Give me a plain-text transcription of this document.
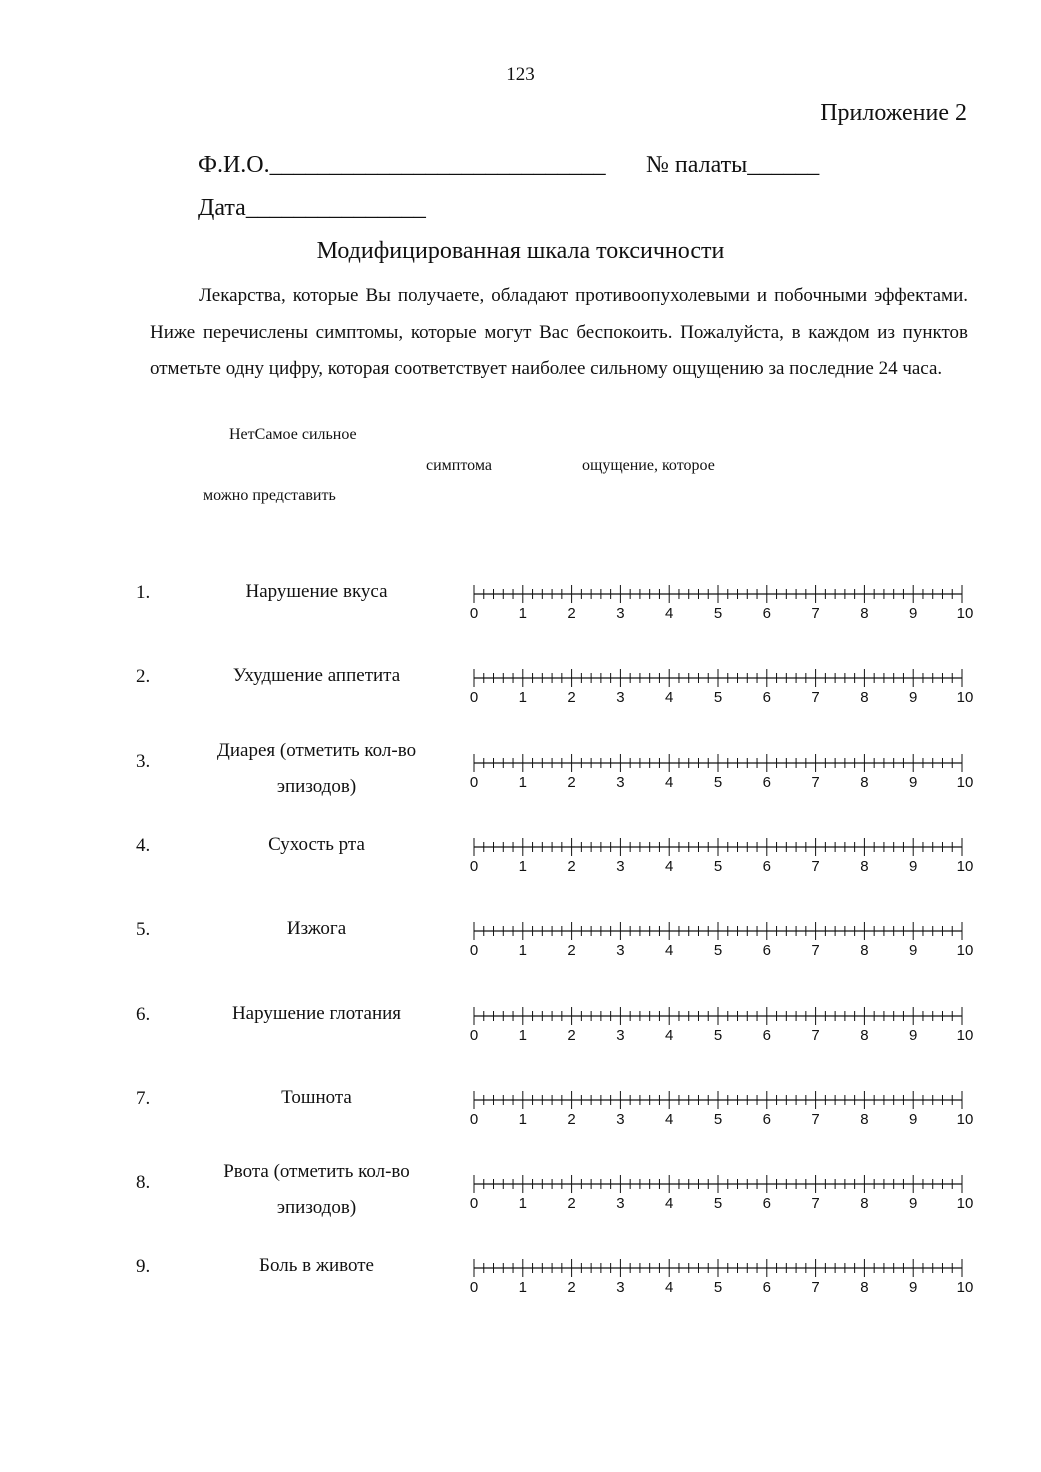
123
Приложение 2
Ф.И.О.____________________________ № палаты______
Дата_______________
Модифицированная шкала токсичности
Лекарства, которые Вы получаете, обладают противоопухолевыми и побочными эффектами. Ниже перечислены симптомы, которые могут Вас беспокоить. Пожалуйста, в каждом из пунктов отметьте одну цифру, которая соответствует наиболее сильному ощущению за последние 24 часа.
НетСамое сильное
симптома	ощущение, которое
можно представить
1.	Нарушение вкуса
0	1	2	3	4	5	6	7	8	9	10
2.	Ухудшение аппетита
0	1	2	3	4	5	6	7	8	9	10
3.
Диарея (отметить кол-во эпизодов)	0	1	2	3	4	5	6	7	8	9	10
4.	Сухость рта
0	1	2	3	4	5	6	7	8	9	10
5.	Изжога
0	1	2	3	4	5	6	7	8	9	10
6.	Нарушение глотания
0	1	2	3	4	5	6	7	8	9	10
7.	Тошнота
0	1	2	3	4	5	6	7	8	9	10
8.
Рвота (отметить кол-во эпизодов)	0	1	2	3	4	5	6	7	8	9	10
9.	Боль в животе
0	1	2	3	4	5	6	7	8	9	10
